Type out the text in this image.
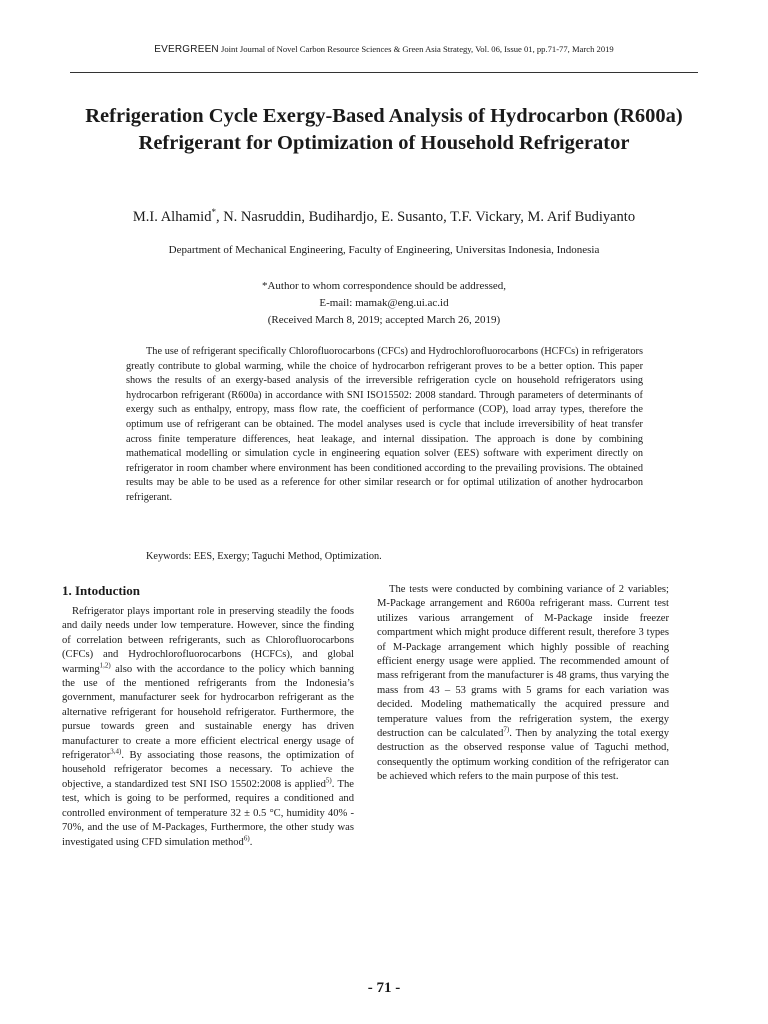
EVERGREEN Joint Journal of Novel Carbon Resource Sciences & Green Asia Strategy, Vol. 06, Issue 01, pp.71-77, March 2019
Refrigeration Cycle Exergy-Based Analysis of Hydrocarbon (R600a) Refrigerant for Optimization of Household Refrigerator
M.I. Alhamid*, N. Nasruddin, Budihardjo, E. Susanto, T.F. Vickary, M. Arif Budiyanto
Department of Mechanical Engineering, Faculty of Engineering, Universitas Indonesia, Indonesia
*Author to whom correspondence should be addressed,
E-mail: mamak@eng.ui.ac.id
(Received March 8, 2019; accepted March 26, 2019)

The use of refrigerant specifically Chlorofluorocarbons (CFCs) and Hydrochlorofluorocarbons (HCFCs) in refrigerators greatly contribute to global warming, while the choice of hydrocarbon refrigerant proves to be a better option. This paper shows the results of an exergy-based analysis of the irreversible refrigeration cycle on household refrigerators using hydrocarbon refrigerant (R600a) in accordance with SNI ISO15502: 2008 standard. Through parameters of determinants of exergy such as enthalpy, entropy, mass flow rate, the coefficient of performance (COP), load array types, therefore the optimum use of refrigerant can be obtained. The model analyses used is cycle that include irreversibility of heat transfer across finite temperature differences, heat leakage, and internal dissipation. The approach is done by combining mathematical modelling or simulation cycle in engineering equation solver (EES) software with experiment directly on refrigerator in room chamber where environment has been conditioned according to the prevailing provisions. The obtained results may be able to be used as a reference for other similar research or for optimal utilization of another hydrocarbon refrigerant.

Keywords: EES, Exergy; Taguchi Method, Optimization.
1. Intoduction

Refrigerator plays important role in preserving steadily the foods and daily needs under low temperature. However, since the finding of correlation between refrigerants, such as Chlorofluorocarbons (CFCs) and Hydrochlorofluorocarbons (HCFCs), and global warming$^{1,2)}$ also with the accordance to the policy which banning the use of the mentioned refrigerants from the Indonesia’s government, manufacturer seek for hydrocarbon refrigerant as the alternative refrigerant for household refrigerator. Furthermore, the pursue towards green and sustainable energy has driven manufacturer to create a more efficient electrical energy usage of refrigerator$^{3,4)}$. By associating those reasons, the optimization of household refrigerator becomes a necessary. To achieve the objective, a standardized test SNI ISO 15502:2008 is applied$^{5)}$. The test, which is going to be performed, requires a conditioned and controlled environment of temperature 32 ± 0.5 °C, humidity 40% - 70%, and the use of M-Packages, Furthermore, the other study was investigated using CFD simulation method$^{6)}$.

The tests were conducted by combining variance of 2 variables; M-Package arrangement and R600a refrigerant mass. Current test utilizes various arrangement of M-Package inside freezer compartment which might produce different result, therefore 3 types of M-Package arrangement which highly possible of reaching efficient energy usage were applied. The recommended amount of mass refrigerant from the manufacturer is 48 grams, thus varying the mass from 43 – 53 grams with 5 grams for each variation was decided. Modeling mathematically the acquired pressure and temperature values from the refrigeration system, the exergy destruction can be calculated$^{7)}$. Then by analyzing the total exergy destruction as the observed response value of Taguchi method, consequently the optimum working condition of the refrigerator can be achieved which refers to the main purpose of this test.

- 71 -
